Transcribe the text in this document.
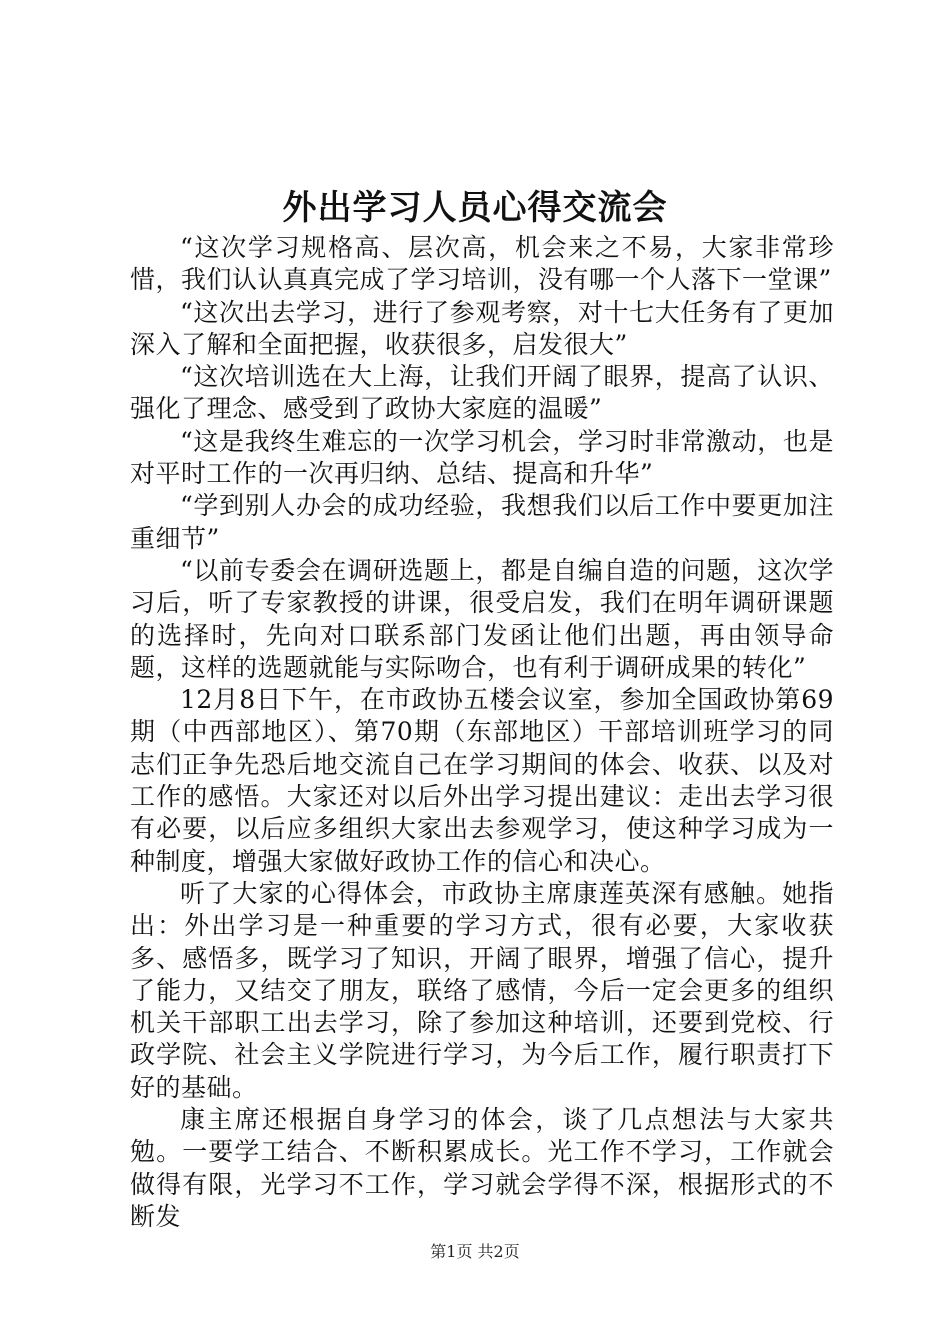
外出学习人员心得交流会

“这次学习规格高、层次高，机会来之不易，大家非常珍惜，我们认认真真完成了学习培训，没有哪一个人落下一堂课”

“这次出去学习，进行了参观考察，对十七大任务有了更加深入了解和全面把握，收获很多，启发很大”

“这次培训选在大上海，让我们开阔了眼界，提高了认识、强化了理念、感受到了政协大家庭的温暖”

“这是我终生难忘的一次学习机会，学习时非常激动，也是对平时工作的一次再归纳、总结、提高和升华”

“学到别人办会的成功经验，我想我们以后工作中要更加注重细节”

“以前专委会在调研选题上，都是自编自造的问题，这次学习后，听了专家教授的讲课，很受启发，我们在明年调研课题的选择时，先向对口联系部门发函让他们出题，再由领导命题，这样的选题就能与实际吻合，也有利于调研成果的转化”

12月8日下午，在市政协五楼会议室，参加全国政协第69期（中西部地区）、第70期（东部地区）干部培训班学习的同志们正争先恐后地交流自己在学习期间的体会、收获、以及对工作的感悟。大家还对以后外出学习提出建议：走出去学习很有必要，以后应多组织大家出去参观学习，使这种学习成为一种制度，增强大家做好政协工作的信心和决心。

听了大家的心得体会，市政协主席康莲英深有感触。她指出：外出学习是一种重要的学习方式，很有必要，大家收获多、感悟多，既学习了知识，开阔了眼界，增强了信心，提升了能力，又结交了朋友，联络了感情，今后一定会更多的组织机关干部职工出去学习，除了参加这种培训，还要到党校、行政学院、社会主义学院进行学习，为今后工作，履行职责打下好的基础。

康主席还根据自身学习的体会，谈了几点想法与大家共勉。一要学工结合、不断积累成长。光工作不学习，工作就会做得有限，光学习不工作，学习就会学得不深，根据形式的不断发

第1页 共2页
